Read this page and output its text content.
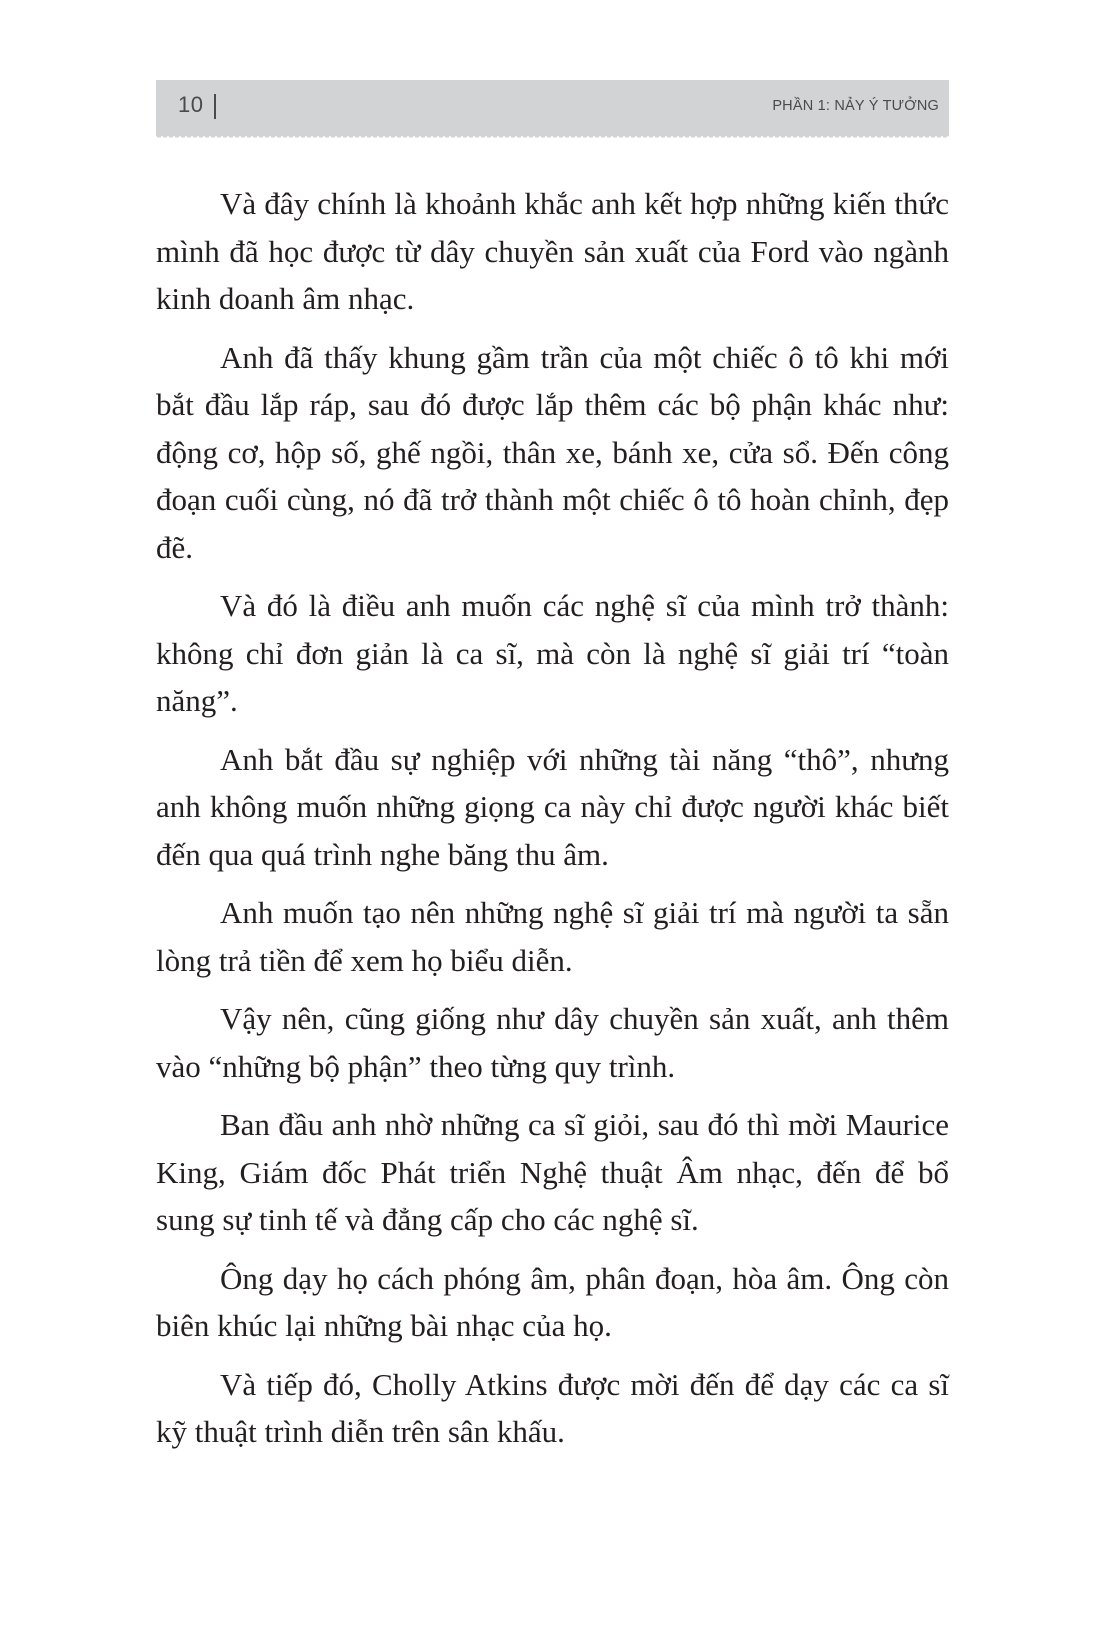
10	PHẦN 1: NẢY Ý TƯỞNG

Và đây chính là khoảnh khắc anh kết hợp những kiến thức mình đã học được từ dây chuyền sản xuất của Ford vào ngành kinh doanh âm nhạc.

Anh đã thấy khung gầm trần của một chiếc ô tô khi mới bắt đầu lắp ráp, sau đó được lắp thêm các bộ phận khác như: động cơ, hộp số, ghế ngồi, thân xe, bánh xe, cửa sổ. Đến công đoạn cuối cùng, nó đã trở thành một chiếc ô tô hoàn chỉnh, đẹp đẽ.

Và đó là điều anh muốn các nghệ sĩ của mình trở thành: không chỉ đơn giản là ca sĩ, mà còn là nghệ sĩ giải trí “toàn năng”.

Anh bắt đầu sự nghiệp với những tài năng “thô”, nhưng anh không muốn những giọng ca này chỉ được người khác biết đến qua quá trình nghe băng thu âm.

Anh muốn tạo nên những nghệ sĩ giải trí mà người ta sẵn lòng trả tiền để xem họ biểu diễn.

Vậy nên, cũng giống như dây chuyền sản xuất, anh thêm vào “những bộ phận” theo từng quy trình.

Ban đầu anh nhờ những ca sĩ giỏi, sau đó thì mời Maurice King, Giám đốc Phát triển Nghệ thuật Âm nhạc, đến để bổ sung sự tinh tế và đẳng cấp cho các nghệ sĩ.

Ông dạy họ cách phóng âm, phân đoạn, hòa âm. Ông còn biên khúc lại những bài nhạc của họ.

Và tiếp đó, Cholly Atkins được mời đến để dạy các ca sĩ kỹ thuật trình diễn trên sân khấu.
